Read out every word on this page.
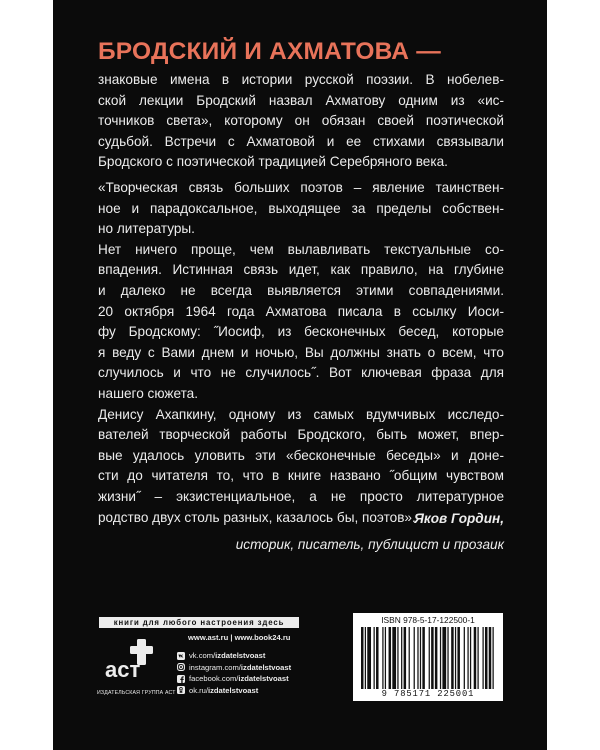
БРОДСКИЙ И АХМАТОВА —

знаковые имена в истории русской поэзии. В нобелев-
ской лекции Бродский назвал Ахматову одним из «ис-
точников света», которому он обязан своей поэтической
судьбой. Встречи с Ахматовой и ее стихами связывали
Бродского с поэтической традицией Серебряного века.

«Творческая связь больших поэтов – явление таинствен-
ное и парадоксальное, выходящее за пределы собствен-
но литературы.

Нет ничего проще, чем вылавливать текстуальные со-
впадения. Истинная связь идет, как правило, на глубине
и далеко не всегда выявляется этими совпадениями.
20 октября 1964 года Ахматова писала в ссылку Иоси-
фу Бродскому: ˝Иосиф, из бесконечных бесед, которые
я веду с Вами днем и ночью, Вы должны знать о всем, что
случилось и что не случилось˝. Вот ключевая фраза для
нашего сюжета.

Денису Ахапкину, одному из самых вдумчивых исследо-
вателей творческой работы Бродского, быть может, впер-
вые удалось уловить эти «бесконечные беседы» и доне-
сти до читателя то, что в книге названо ˝общим чувством
жизни˝ – экзистенциальное, а не просто литературное
родство двух столь разных, казалось бы, поэтов».

Яков Гордин,
историк, писатель, публицист и прозаик
книги для любого настроения здесь
аст
ИЗДАТЕЛЬСКАЯ ГРУППА АСТ
www.ast.ru | www.book24.ru
vk.com/ izdatelstvoast
instagram.com/ izdatelstvoast
facebook.com/ izdatelstvoast
ok.ru/ izdatelstvoast
ISBN 978-5-17-122500-1
9 785171 225001
